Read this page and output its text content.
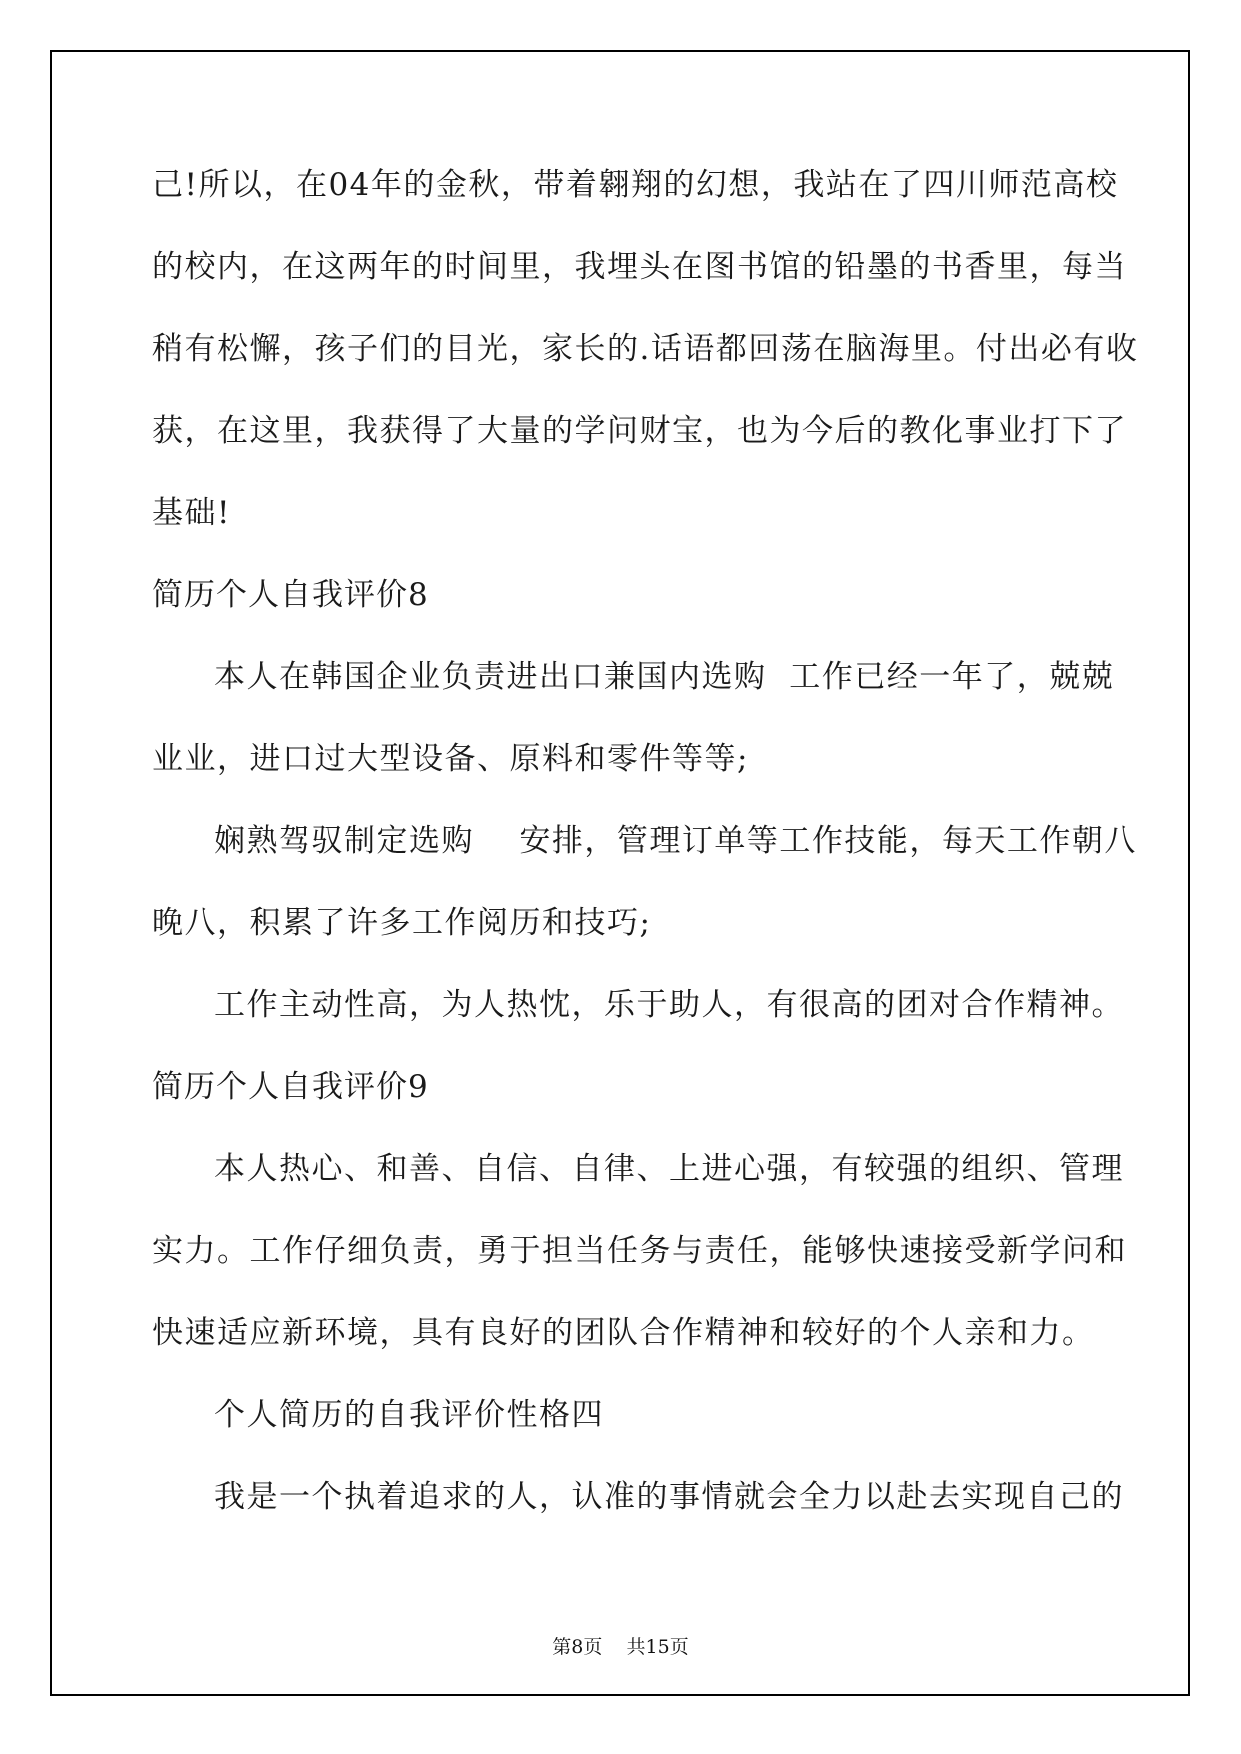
己!所以，在04年的金秋，带着翱翔的幻想，我站在了四川师范高校
的校内，在这两年的时间里，我埋头在图书馆的铅墨的书香里，每当
稍有松懈，孩子们的目光，家长的.话语都回荡在脑海里。付出必有收
获，在这里，我获得了大量的学问财宝，也为今后的教化事业打下了
基础!
简历个人自我评价8
本人在韩国企业负责进出口兼国内选购  工作已经一年了，兢兢
业业，进口过大型设备、原料和零件等等;
娴熟驾驭制定选购    安排，管理订单等工作技能，每天工作朝八
晚八，积累了许多工作阅历和技巧;
工作主动性高，为人热忱，乐于助人，有很高的团对合作精神。
简历个人自我评价9
本人热心、和善、自信、自律、上进心强，有较强的组织、管理
实力。工作仔细负责，勇于担当任务与责任，能够快速接受新学问和
快速适应新环境，具有良好的团队合作精神和较好的个人亲和力。
个人简历的自我评价性格四
我是一个执着追求的人，认准的事情就会全力以赴去实现自己的
第8页    共15页
